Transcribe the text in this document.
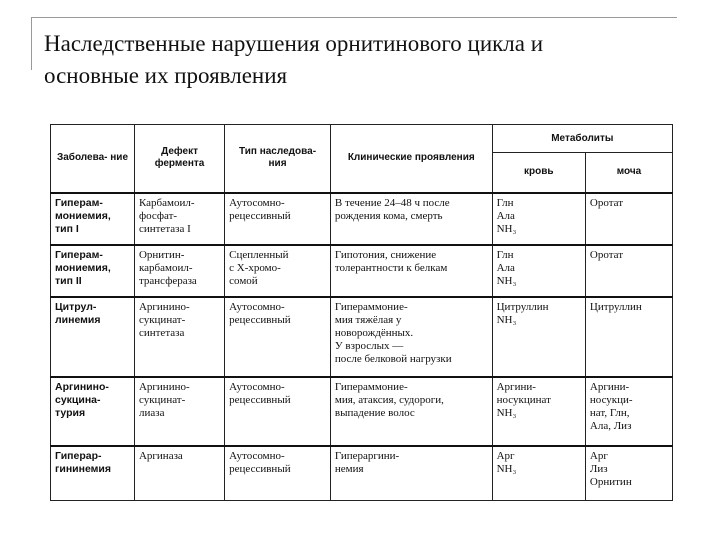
Наследственные нарушения орнитинового цикла и
основные их проявления
Заболева- ние	Дефект фермента	Тип наследова- ния	Клинические проявления	Метаболиты	
				кровь	моча

Гиперам-
мониемия,
тип I	Карбамоил-
фосфат-
синтетаза I	Аутосомно-
рецессивный	В течение 24–48 ч после
рождения кома, смерть	Глн
Ала
NH₃	Оротат

Гиперам-
мониемия,
тип II	Орнитин-
карбамоил-
трансфераза	Сцепленный
с Х-хромо-
сомой	Гипотония, снижение
толерантности к белкам	Глн
Ала
NH₃	Оротат

Цитрул-
линемия	Аргинино-
сукцинат-
синтетаза	Аутосомно-
рецессивный	Гипераммоние-
мия тяжёлая у
новорождённых.
У взрослых —
после белковой нагрузки	Цитруллин
NH₃	Цитруллин

Аргинино-
сукцина-
турия	Аргинино-
сукцинат-
лиаза	Аутосомно-
рецессивный	Гипераммоние-
мия, атаксия, судороги,
выпадение волос	Аргини-
носукцинат
NH₃	Аргини-
носукци-
нат, Глн,
Ала, Лиз

Гиперар-
гининемия	Аргиназа	Аутосомно-
рецессивный	Гипераргини-
немия	Арг
NH₃	Арг
Лиз
Орнитин
